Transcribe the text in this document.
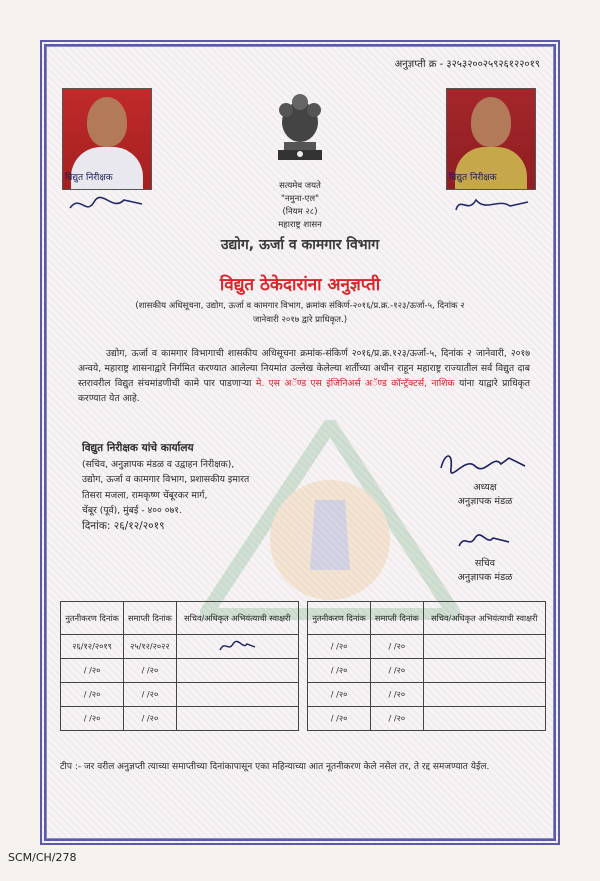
अनुज्ञप्ती क्र - ३२५३२००२५९२६१२२०१९
विद्युत निरीक्षक	विद्युत निरीक्षक
सत्यमेव जयते
"नमुना-एल"
(नियम २८)
महाराष्ट्र शासन
उद्योग, ऊर्जा व कामगार विभाग
विद्युत ठेकेदारांना अनुज्ञप्ती
(शासकीय अधिसूचना, उद्योग, ऊर्जा व कामगार विभाग, क्रमांक संकिर्ण-२०१६/प्र.क्र.-१२३/ऊर्जा-५, दिनांक २
जानेवारी २०१७ द्वारे प्राधिकृत.)
उद्योग, ऊर्जा व कामगार विभागाची शासकीय अधिसूचना क्रमांक-संकिर्ण २०१६/प्र.क्र.१२३/ऊर्जा-५, दिनांक २ जानेवारी, २०१७ अन्वये, महाराष्ट्र शासनाद्वारे निर्गमित करण्यात आलेल्या नियमांत उल्लेख केलेल्या शर्तीच्या अधीन राहून महाराष्ट्र राज्यातील सर्व विद्युत दाब स्तरावरील विद्युत संचमांडणीची कामे पार पाडणाऱ्या मे. एस अॅण्ड एस इंजिनिअर्स अॅण्ड कॉन्ट्रॅक्टर्स, नाशिक यांना याद्वारे प्राधिकृत करण्यात येत आहे.
विद्युत निरीक्षक यांचे कार्यालय
(सचिव, अनुज्ञापक मंडळ व उद्वाहन निरीक्षक),
उद्योग, ऊर्जा व कामगार विभाग, प्रशासकीय इमारत
तिसरा मजला, रामकृष्ण चेंबूरकर मार्ग,
चेंबूर (पूर्व), मुंबई - ४०० ०७१.
दिनांक: २६/१२/२०१९
अध्यक्ष
अनुज्ञापक मंडळ
सचिव
अनुज्ञापक मंडळ
नुतनीकरण दिनांक	समाप्ती दिनांक	सचिव/अधिकृत अभियंत्याची स्वाक्षरी		नुतनीकरण दिनांक	समाप्ती दिनांक	सचिव/अधिकृत अभियंत्याची स्वाक्षरी
२६/१२/२०१९	२५/१२/२०२२			/ /२०	/ /२०	
/ /२०	/ /२०			/ /२०	/ /२०	
/ /२०	/ /२०			/ /२०	/ /२०	
/ /२०	/ /२०			/ /२०	/ /२०	
टीप :- जर वरील अनुज्ञप्ती त्याच्या समाप्तीच्या दिनांकापासून एका महिन्याच्या आत नूतनीकरण केले नसेल तर, ते रद्द समजण्यात येईल.
SCM/CH/278
